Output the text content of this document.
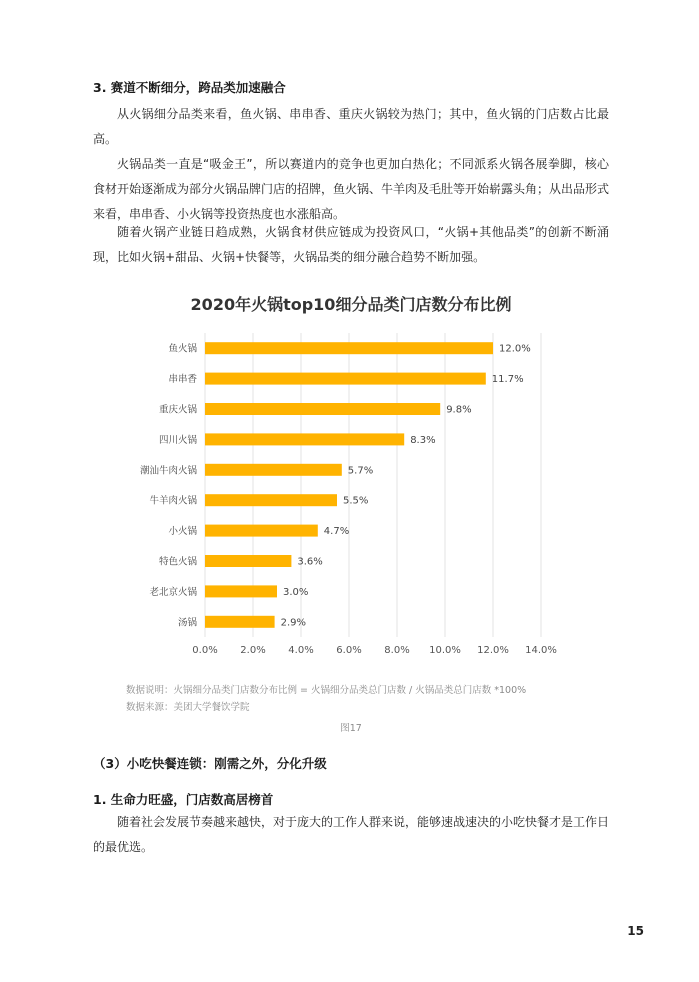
3. 赛道不断细分，跨品类加速融合

从火锅细分品类来看，鱼火锅、串串香、重庆火锅较为热门；其中，鱼火锅的门店数占比最高。

火锅品类一直是“吸金王”，所以赛道内的竞争也更加白热化；不同派系火锅各展拳脚，核心食材开始逐渐成为部分火锅品牌门店的招牌，鱼火锅、牛羊肉及毛肚等开始崭露头角；从出品形式来看，串串香、小火锅等投资热度也水涨船高。

随着火锅产业链日趋成熟，火锅食材供应链成为投资风口，“火锅+其他品类”的创新不断涌现，比如火锅+甜品、火锅+快餐等，火锅品类的细分融合趋势不断加强。

2020年火锅top10细分品类门店数分布比例
0.0% 2.0% 4.0% 6.0% 8.0% 10.0% 12.0% 14.0%
鱼火锅	12.0%
串串香	11.7%
重庆火锅	9.8%
四川火锅	8.3%
潮汕牛肉火锅	5.7%
牛羊肉火锅	5.5%
小火锅	4.7%
特色火锅	3.6%
老北京火锅	3.0%
汤锅	2.9%

数据说明：火锅细分品类门店数分布比例 = 火锅细分品类总门店数 / 火锅品类总门店数 *100%

数据来源：美团大学餐饮学院

图17
（3）小吃快餐连锁：刚需之外，分化升级
1. 生命力旺盛，门店数高居榜首

随着社会发展节奏越来越快，对于庞大的工作人群来说，能够速战速决的小吃快餐才是工作日的最优选。

15
